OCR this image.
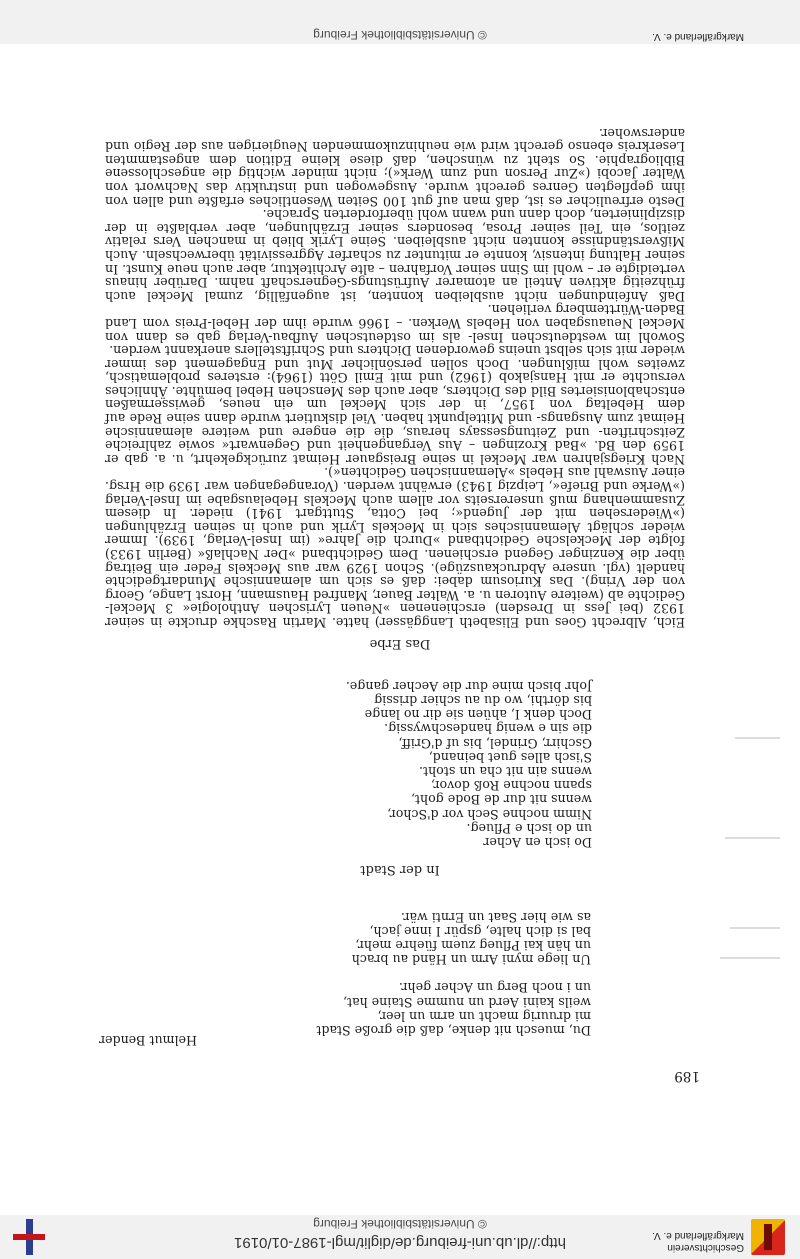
Geschichtsverein
Markgräflerland e. V.
http://dl.ub.uni-freiburg.de/diglit/mgl-1987-01/0191
© Universitätsbibliothek Freiburg
© Universitätsbibliothek Freiburg	Markgräflerland e. V.
189
Helmut Bender
Du, muesch nit denke, daß die große Stadt
mi druurig macht un arm un leer,
weils kaini Aerd un numme Staine hat,
un i noch Berg un Acher gehr.
Un liege myni Arm un Händ au brach
un hän kai Pflueg zuem füehre mehr,
bal si dich halte, gspür I inne jach,
as wie hier Saat un Ernti wär.
In der Stadt
Do isch en Acher
un do isch e Pflueg.
Nimm nochne Sech vor d'Schor,
wenns nit dur de Bode goht,
spann nochne Roß dovor,
wenns ain nit cha un stoht.
S'isch alles guet beinand,
Gschirr, Grindel, bis uf d'Griff,
die sin e wenig handeschwyssig.
Doch denk I, ahüen sie dir no lange
bis dörthi, wo du au schier drissig
Johr bisch mine dur die Aecher gange.
Das Erbe

Eich, Albrecht Goes und Elisabeth Langgässer) hatte. Martin Raschke druckte in seiner 1932 (bei Jess in Dresden) erschienenen »Neuen Lyrischen Anthologie« 3 Meckel-Gedichte ab (weitere Autoren u. a. Walter Bauer, Manfred Hausmann, Horst Lange, Georg von der Vring). Das Kuriosum dabei: daß es sich um alemannische Mundartgedichte handelt (vgl. unsere Abdruckauszüge). Schon 1929 war aus Meckels Feder ein Beitrag über die Kenzinger Gegend erschienen. Dem Gedichtband »Der Nachlaß« (Berlin 1933) folgte der Meckelsche Gedichtband »Durch die Jahre« (im Insel-Verlag, 1939). Immer wieder schlägt Alemannisches sich in Meckels Lyrik und auch in seinen Erzählungen (»Wiedersehen mit der Jugend«; bei Cotta, Stuttgart 1941) nieder. In diesem Zusammenhang muß unsererseits vor allem auch Meckels Hebelausgabe im Insel-Verlag (»Werke und Briefe«, Leipzig 1943) erwähnt werden. (Vorangegangen war 1939 die Hrsg. einer Auswahl aus Hebels »Alemannischen Gedichten«).

Nach Kriegsjahren war Meckel in seine Breisgauer Heimat zurückgekehrt, u. a. gab er 1959 den Bd. »Bad Krozingen – Aus Vergangenheit und Gegenwart« sowie zahlreiche Zeitschriften- und Zeitungsessays heraus, die die engere und weitere alemannische Heimat zum Ausgangs- und Mittelpunkt haben. Viel diskutiert wurde dann seine Rede auf dem Hebeltag von 1957, in der sich Meckel um ein neues, gewissermaßen entschablonisiertes Bild des Dichters, aber auch des Menschen Hebel bemühte. Ähnliches versuchte er mit Hansjakob (1962) und mit Emil Gött (1964): ersteres problematisch, zweites wohl mißlungen. Doch sollen persönlicher Mut und Engagement des immer wieder mit sich selbst uneins gewordenen Dichters und Schriftstellers anerkannt werden.

Sowohl im westdeutschen Insel- als im ostdeutschen Aufbau-Verlag gab es dann von Meckel Neuausgaben von Hebels Werken. – 1966 wurde ihm der Hebel-Preis vom Land Baden-Württemberg verliehen.

Daß Anfeindungen nicht ausbleiben konnten, ist augenfällig, zumal Meckel auch frühzeitig aktiven Anteil an atomarer Aufrüstungs-Gegnerschaft nahm. Darüber hinaus verteidigte er – wohl im Sinn seiner Vorfahren – alte Architektur, aber auch neue Kunst. In seiner Haltung intensiv, konnte er mitunter zu scharfer Aggressivität überwechseln. Auch Mißverständnisse konnten nicht ausbleiben. Seine Lyrik blieb in manchen Vers relativ zeitlos, ein Teil seiner Prosa, besonders seiner Erzählungen, aber verblaßte in der disziplinierten, doch dann und wann wohl überforderten Sprache.

Desto erfreulicher es ist, daß man auf gut 100 Seiten Wesentliches erfaßte und allen von ihm gepflegten Genres gerecht wurde. Ausgewogen und instruktiv das Nachwort von Walter Jacobi (»Zur Person und zum Werk«); nicht minder wichtig die angeschlossene Bibliographie. So steht zu wünschen, daß diese kleine Edition dem angestammten Leserkreis ebenso gerecht wird wie neuhinzukommenden Neugierigen aus der Regio und anderswoher.
